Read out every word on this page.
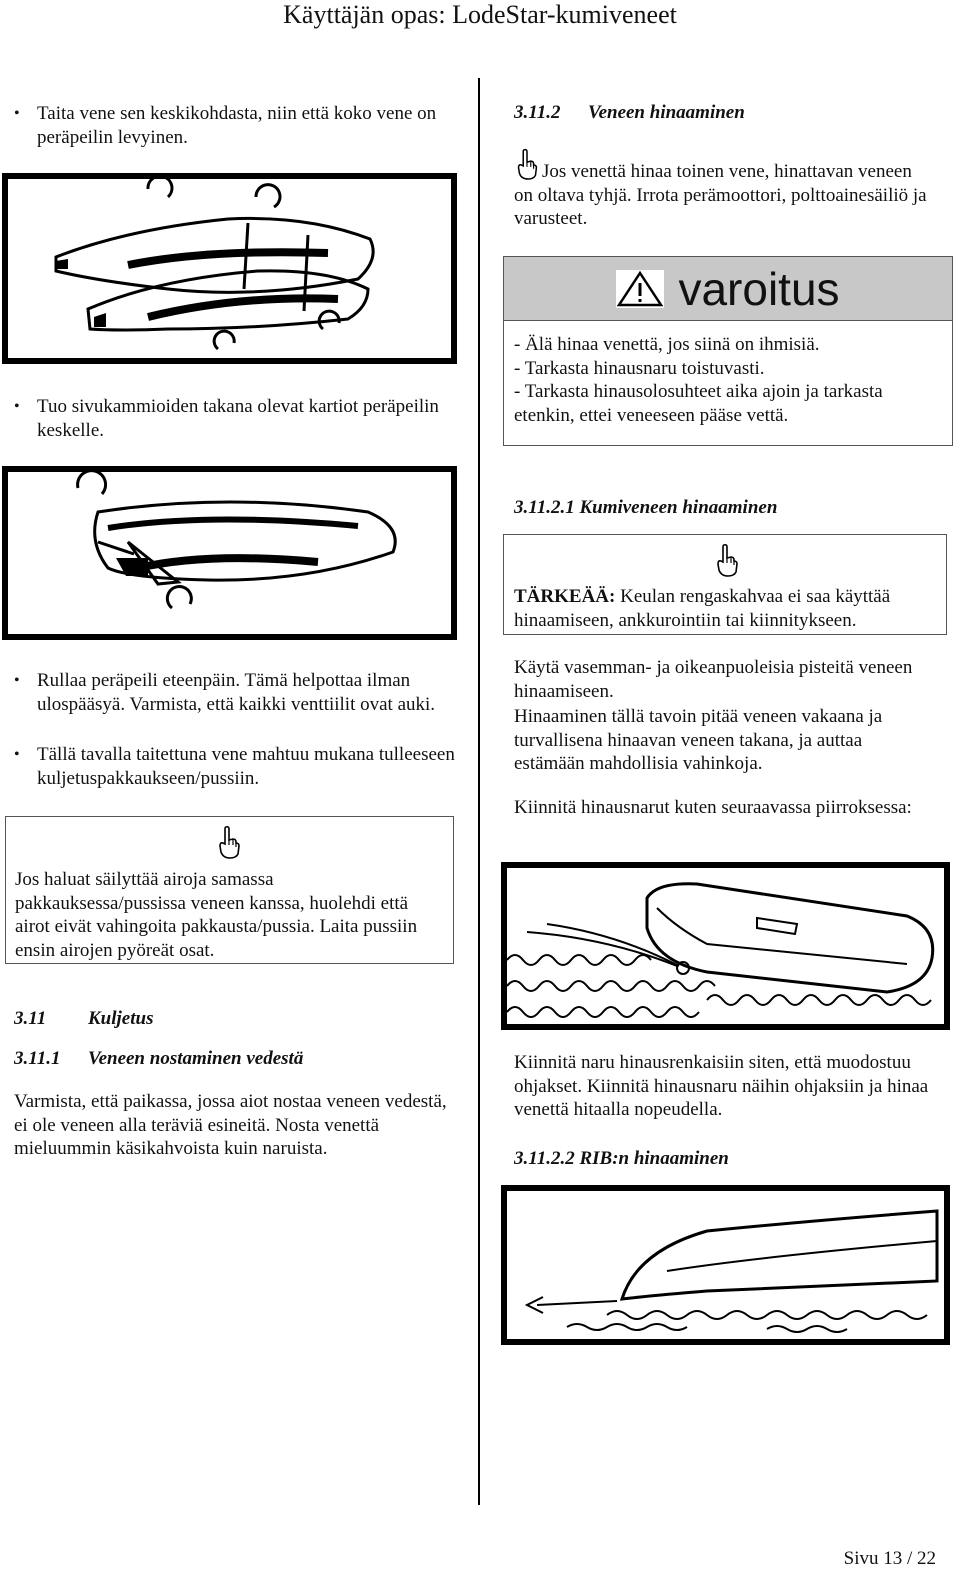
Käyttäjän opas: LodeStar-kumiveneet
• Taita vene sen keskikohdasta, niin että koko vene on peräpeilin levyinen.
• Tuo sivukammioiden takana olevat kartiot peräpeilin keskelle.
• Rullaa peräpeili eteenpäin. Tämä helpottaa ilman ulospääsyä. Varmista, että kaikki venttiilit ovat auki.
• Tällä tavalla taitettuna vene mahtuu mukana tulleeseen kuljetuspakkaukseen/pussiin.
Jos haluat säilyttää airoja samassa pakkauksessa/pussissa veneen kanssa, huolehdi että airot eivät vahingoita pakkausta/pussia. Laita pussiin ensin airojen pyöreät osat.
3.11 Kuljetus
3.11.1 Veneen nostaminen vedestä
Varmista, että paikassa, jossa aiot nostaa veneen vedestä, ei ole veneen alla teräviä esineitä. Nosta venettä mieluummin käsikahvoista kuin naruista.
3.11.2 Veneen hinaaminen
Jos venettä hinaa toinen vene, hinattavan veneen on oltava tyhjä. Irrota perämoottori, polttoainesäiliö ja varusteet.
varoitus
- Älä hinaa venettä, jos siinä on ihmisiä.
- Tarkasta hinausnaru toistuvasti.
- Tarkasta hinausolosuhteet aika ajoin ja tarkasta etenkin, ettei veneeseen pääse vettä.
3.11.2.1 Kumiveneen hinaaminen
TÄRKEÄÄ: Keulan rengaskahvaa ei saa käyttää hinaamiseen, ankkurointiin tai kiinnitykseen.
Käytä vasemman- ja oikeanpuoleisia pisteitä veneen hinaamiseen.
Hinaaminen tällä tavoin pitää veneen vakaana ja turvallisena hinaavan veneen takana, ja auttaa estämään mahdollisia vahinkoja.
Kiinnitä hinausnarut kuten seuraavassa piirroksessa:
Kiinnitä naru hinausrenkaisiin siten, että muodostuu ohjakset. Kiinnitä hinausnaru näihin ohjaksiin ja hinaa venettä hitaalla nopeudella.
3.11.2.2 RIB:n hinaaminen
Sivu 13 / 22
